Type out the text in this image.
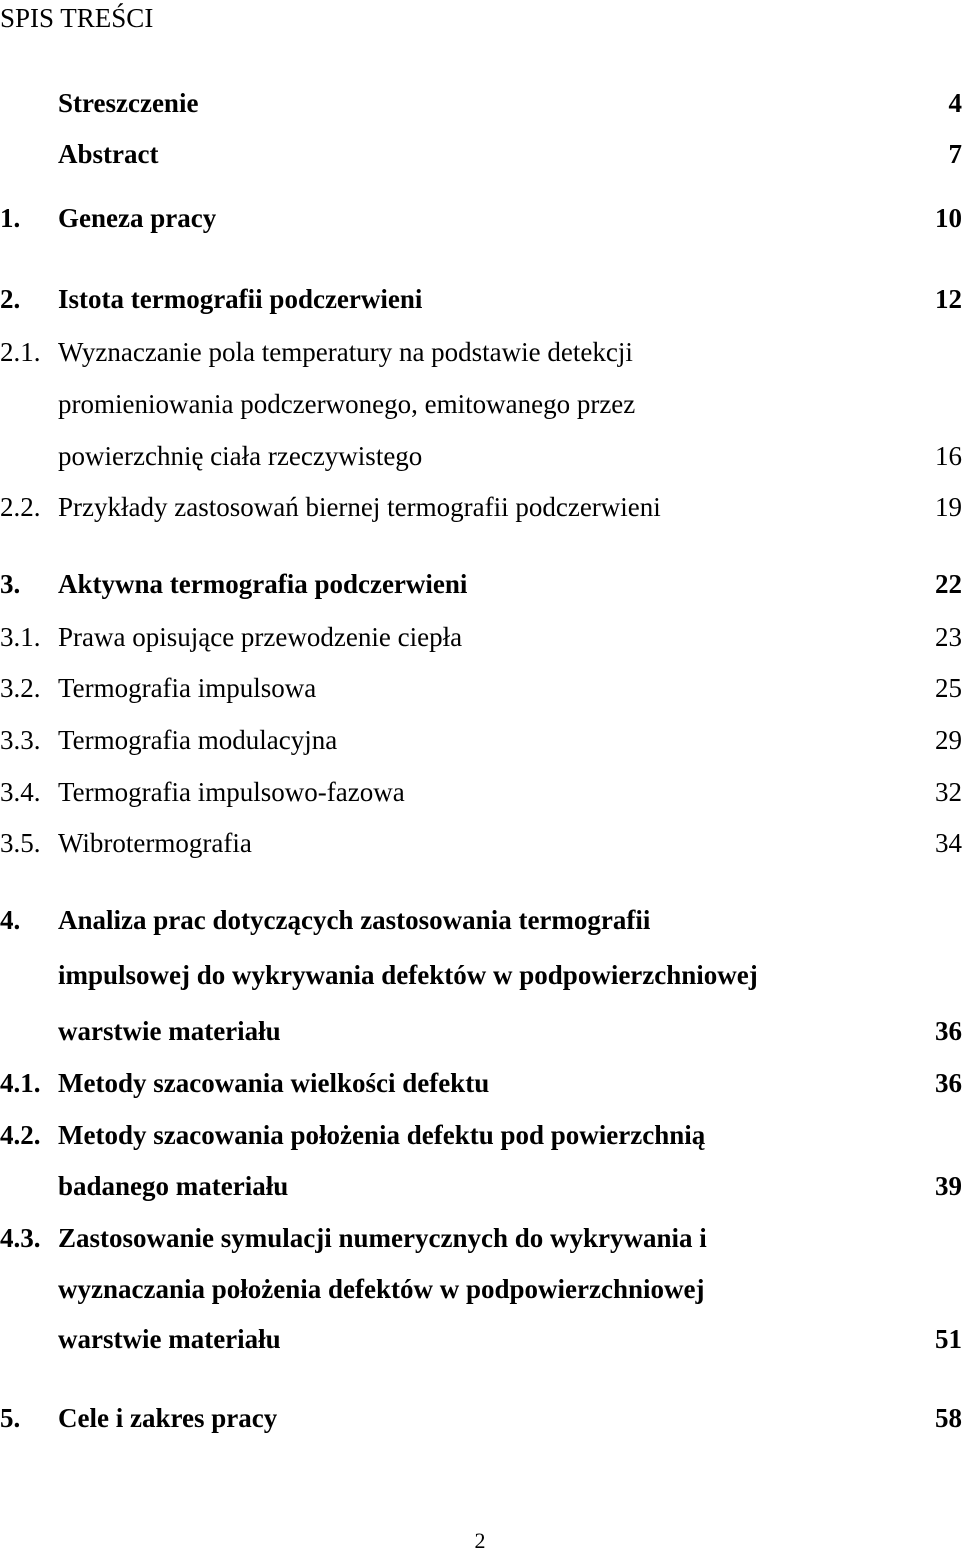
SPIS TREŚCI
Streszczenie	4
Abstract	7
1. Geneza pracy	10
2. Istota termografii podczerwieni	12
2.1. Wyznaczanie pola temperatury na podstawie detekcji
promieniowania podczerwonego, emitowanego przez
powierzchnię ciała rzeczywistego	16
2.2. Przykłady zastosowań biernej termografii podczerwieni	19
3. Aktywna termografia podczerwieni	22
3.1. Prawa opisujące przewodzenie ciepła	23
3.2. Termografia impulsowa	25
3.3. Termografia modulacyjna	29
3.4. Termografia impulsowo-fazowa	32
3.5. Wibrotermografia	34
4. Analiza prac dotyczących zastosowania termografii
impulsowej do wykrywania defektów w podpowierzchniowej
warstwie materiału	36
4.1. Metody szacowania wielkości defektu	36
4.2. Metody szacowania położenia defektu pod powierzchnią
badanego materiału	39
4.3. Zastosowanie symulacji numerycznych do wykrywania i
wyznaczania położenia defektów w podpowierzchniowej
warstwie materiału	51
5. Cele i zakres pracy	58
2
